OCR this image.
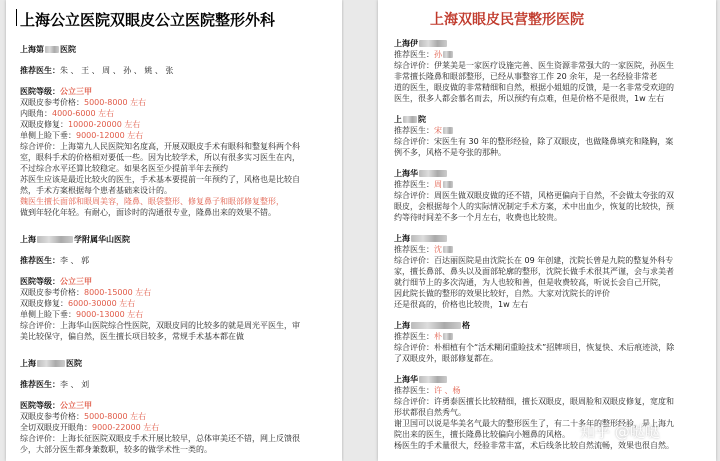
上海公立医院双眼皮公立医院整形外科
上海第 医院
推荐医生：朱 、 王 、 周 、 孙 、 姚 、 张
医院等级：公立三甲
双眼皮参考价格：5000-8000 左右
内眼角：4000-6000 左右
双眼皮修复：10000-20000 左右
单侧上睑下垂：9000-12000 左右
综合评价：上海第九人民医院知名度高，开展双眼皮手术有眼科和整复科两个科
室，眼科手术的价格相对要低一些。因为比较学术，所以有很多实习医生在内，
不过综合水平还算比较稳定。如果名医至少提前半年去预约
苏医生应该是最近比较火的医生，手术基本要提前一年预约了，风格也是比较自
然，手术方案根据每个患者基础来设计的。
魏医生擅长面部和眼周美容，隆鼻、眼袋整形、修复鼻子和眼部修复整形，
做到年轻化年轻。有耐心，面诊时的沟通很专业，隆鼻出来的效果不错。
上海	学附属华山医院
推荐医生：李 、 郭
医院等级：公立三甲
双眼皮参考价格：8000-15000 左右
双眼皮修复：6000-30000 左右
单侧上睑下垂：9000-13000 左右
综合评价：上海华山医院综合性医院，双眼皮同的比较多的就是周光平医生，审
美比较保守，偏自然，医生擅长项目较多，常规手术基本都在做
上海	医院
推荐医生：李 、 刘
医院等级：公立三甲
双眼皮参考价格：5000-8000 左右
全切双眼皮开眼角：9000-22000 左右
综合评价：上海长征医院双眼皮手术开展比较早，总体审美还不错，网上反馈很
少，大部分医生都身兼数职，较多的做学术性一类的。
上海双眼皮民营整形医院
上海伊
推荐医生：孙
综合评价：伊莱美是一家医疗设施完善、医生资源非常强大的一家医院，孙医生
非常擅长隆鼻和眼部整形，已经从事整容工作 20 余年，是一名经验非常老
道的医生，眼皮做的非常精细和自然，根据小姐姐的反馈，是一名非常受欢迎的
医生，很多人都会慕名而去，所以预约有点难，但是价格不是很贵，1w 左右
上 院
推荐医生：宋
综合评价：宋医生有 30 年的整形经验，除了双眼皮，也做隆鼻填充和隆胸，案
例不多，风格不是夸张的那种。
上海华
推荐医生：周
综合评价：周医生做双眼皮做的还不错，风格更偏向于自然，不会做太夸张的双
眼皮，会根据每个人的实际情况制定手术方案，术中出血少，恢复的比较快，预
约等待时间差不多一个月左右，收费也比较贵。
上海
推荐医生：沈
综合评价：百达丽医院是由沈院长在 09 年创建，沈院长曾是九院的整复外科专
家，擅长鼻部、鼻头以及面部轮廓的整形，沈院长做手术很其严谨，会与求美者
就行细节上的多次沟通，为人也较和善，但是收费较高，听说长会自己开院，
因此院长做的整形的效果比较好，自然。大家对沈院长的评价
还是很高的，价格也比较贵，1w 左右
上海	格
推荐医生：朴
综合评价：朴相植有个“活术糊闭重睑技术”招牌项目，恢复快、术后痕迹淡，除
了双眼皮外，眼部修复都在。
上海华
推荐医生：许 、杨
综合评价：许勇泰医擅长比较精细，擅长双眼皮，眼周脸和双眼皮修复，宽度和
形状都很自然秀气。
谢卫国可以说是华美名气最大的整形医生了，有二十多年的整形经验，是上海九
院出来的医生，擅长隆鼻比较偏向小翘鼻的风格。
杨医生的手术量很大，经验非常丰富，术后线条比较自然流畅，效果也很自然。
知乎 @哒哒
